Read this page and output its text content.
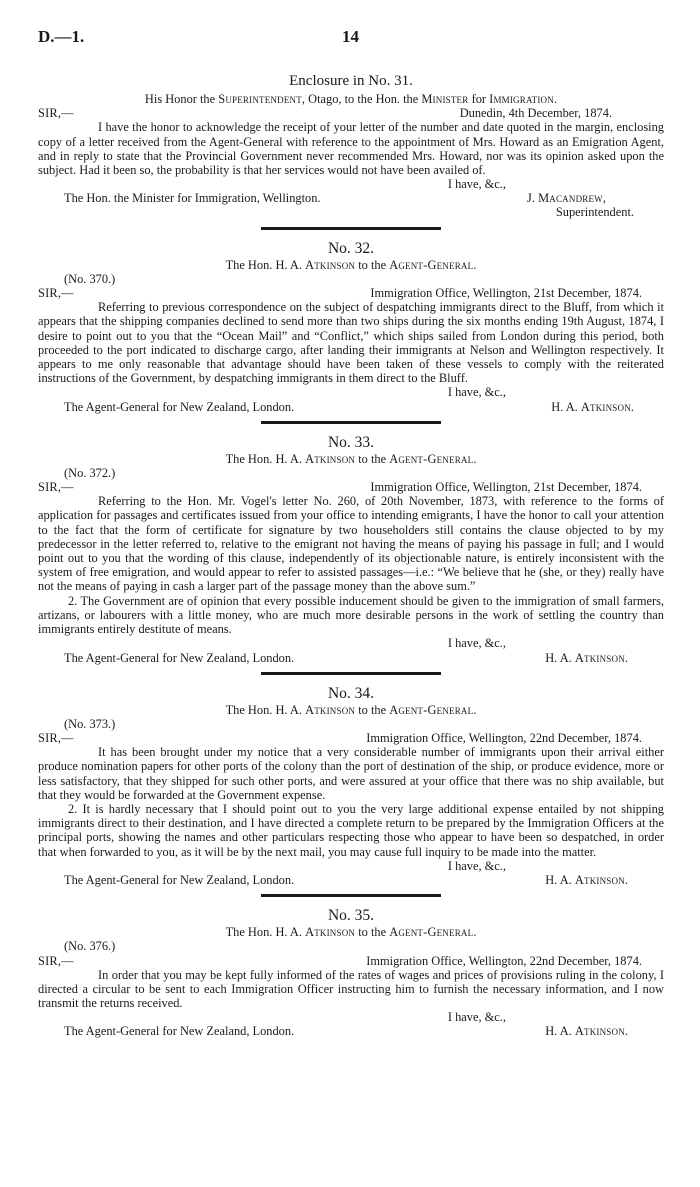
D.—1.	14
Enclosure in No. 31.
His Honor the Superintendent, Otago, to the Hon. the Minister for Immigration.
SIR,—	Dunedin, 4th December, 1874.

I have the honor to acknowledge the receipt of your letter of the number and date quoted in the margin, enclosing copy of a letter received from the Agent-General with reference to the appointment of Mrs. Howard as an Emigration Agent, and in reply to state that the Provincial Government never recommended Mrs. Howard, nor was its opinion asked upon the subject. Had it been so, the probability is that her services would not have been availed of.

I have, &c.,
The Hon. the Minister for Immigration, Wellington.	J. Macandrew,
Superintendent.
No. 32.
The Hon. H. A. Atkinson to the Agent-General.
(No. 370.)
SIR,—	Immigration Office, Wellington, 21st December, 1874.

Referring to previous correspondence on the subject of despatching immigrants direct to the Bluff, from which it appears that the shipping companies declined to send more than two ships during the six months ending 19th August, 1874, I desire to point out to you that the “Ocean Mail” and “Conflict,” which ships sailed from London during this period, both proceeded to the port indicated to discharge cargo, after landing their immigrants at Nelson and Wellington respectively. It appears to me only reasonable that advantage should have been taken of these vessels to comply with the reiterated instructions of the Government, by despatching immigrants in them direct to the Bluff.

I have, &c.,
The Agent-General for New Zealand, London.	H. A. Atkinson.
No. 33.
The Hon. H. A. Atkinson to the Agent-General.
(No. 372.)
SIR,—	Immigration Office, Wellington, 21st December, 1874.

Referring to the Hon. Mr. Vogel's letter No. 260, of 20th November, 1873, with reference to the forms of application for passages and certificates issued from your office to intending emigrants, I have the honor to call your attention to the fact that the form of certificate for signature by two householders still contains the clause objected to by my predecessor in the letter referred to, relative to the emigrant not having the means of paying his passage in full; and I would point out to you that the wording of this clause, independently of its objectionable nature, is entirely inconsistent with the system of free emigration, and would appear to refer to assisted passages—i.e.: “We believe that he (she, or they) really have not the means of paying in cash a larger part of the passage money than the above sum.”

2. The Government are of opinion that every possible inducement should be given to the immigration of small farmers, artizans, or labourers with a little money, who are much more desirable persons in the work of settling the country than immigrants entirely destitute of means.

I have, &c.,
The Agent-General for New Zealand, London.	H. A. Atkinson.
No. 34.
The Hon. H. A. Atkinson to the Agent-General.
(No. 373.)
SIR,—	Immigration Office, Wellington, 22nd December, 1874.

It has been brought under my notice that a very considerable number of immigrants upon their arrival either produce nomination papers for other ports of the colony than the port of destination of the ship, or produce evidence, more or less satisfactory, that they shipped for such other ports, and were assured at your office that there was no ship available, but that they would be forwarded at the Government expense.

2. It is hardly necessary that I should point out to you the very large additional expense entailed by not shipping immigrants direct to their destination, and I have directed a complete return to be prepared by the Immigration Officers at the principal ports, showing the names and other particulars respecting those who appear to have been so despatched, in order that when forwarded to you, as it will be by the next mail, you may cause full inquiry to be made into the matter.

I have, &c.,
The Agent-General for New Zealand, London.	H. A. Atkinson.
No. 35.
The Hon. H. A. Atkinson to the Agent-General.
(No. 376.)
SIR,—	Immigration Office, Wellington, 22nd December, 1874.

In order that you may be kept fully informed of the rates of wages and prices of provisions ruling in the colony, I directed a circular to be sent to each Immigration Officer instructing him to furnish the necessary information, and I now transmit the returns received.

I have, &c.,
The Agent-General for New Zealand, London.	H. A. Atkinson.
